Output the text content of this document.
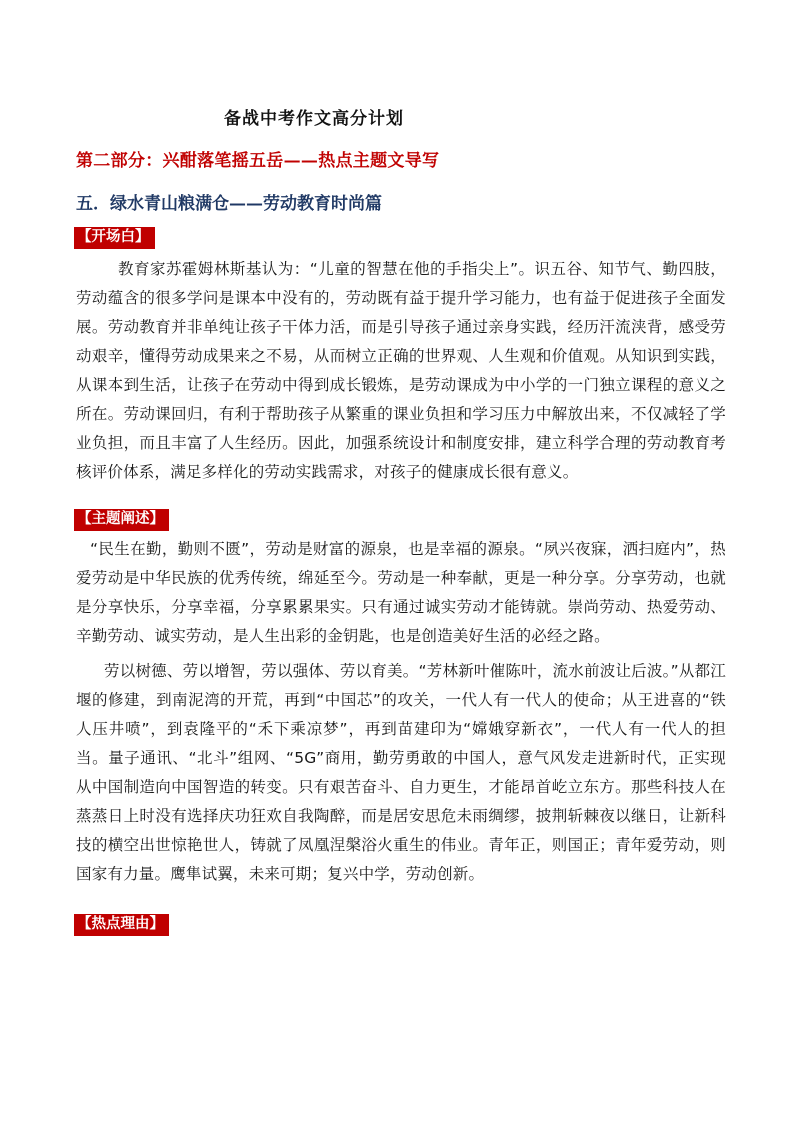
备战中考作文高分计划
第二部分：兴酣落笔摇五岳——热点主题文导写
五．绿水青山粮满仓——劳动教育时尚篇
【开场白】

教育家苏霍姆林斯基认为：“儿童的智慧在他的手指尖上”。识五谷、知节气、勤四肢，劳动蕴含的很多学问是课本中没有的，劳动既有益于提升学习能力，也有益于促进孩子全面发展。劳动教育并非单纯让孩子干体力活，而是引导孩子通过亲身实践，经历汗流浃背，感受劳动艰辛，懂得劳动成果来之不易，从而树立正确的世界观、人生观和价值观。从知识到实践，从课本到生活，让孩子在劳动中得到成长锻炼，是劳动课成为中小学的一门独立课程的意义之所在。劳动课回归，有利于帮助孩子从繁重的课业负担和学习压力中解放出来，不仅减轻了学业负担，而且丰富了人生经历。因此，加强系统设计和制度安排，建立科学合理的劳动教育考核评价体系，满足多样化的劳动实践需求，对孩子的健康成长很有意义。

【主题阐述】

“民生在勤，勤则不匮”，劳动是财富的源泉，也是幸福的源泉。“夙兴夜寐，洒扫庭内”，热爱劳动是中华民族的优秀传统，绵延至今。劳动是一种奉献，更是一种分享。分享劳动，也就是分享快乐，分享幸福，分享累累果实。只有通过诚实劳动才能铸就。崇尚劳动、热爱劳动、辛勤劳动、诚实劳动，是人生出彩的金钥匙，也是创造美好生活的必经之路。

劳以树德、劳以增智，劳以强体、劳以育美。“芳林新叶催陈叶，流水前波让后波。”从都江堰的修建，到南泥湾的开荒，再到“中国芯”的攻关，一代人有一代人的使命；从王进喜的“铁人压井喷”，到袁隆平的“禾下乘凉梦”，再到苗建印为“嫦娥穿新衣”，一代人有一代人的担当。量子通讯、“北斗”组网、“5G”商用，勤劳勇敢的中国人，意气风发走进新时代，正实现从中国制造向中国智造的转变。只有艰苦奋斗、自力更生，才能昂首屹立东方。那些科技人在蒸蒸日上时没有选择庆功狂欢自我陶醉，而是居安思危未雨绸缪，披荆斩棘夜以继日，让新科技的横空出世惊艳世人，铸就了凤凰涅槃浴火重生的伟业。青年正，则国正；青年爱劳动，则国家有力量。鹰隼试翼，未来可期；复兴中学，劳动创新。

【热点理由】
